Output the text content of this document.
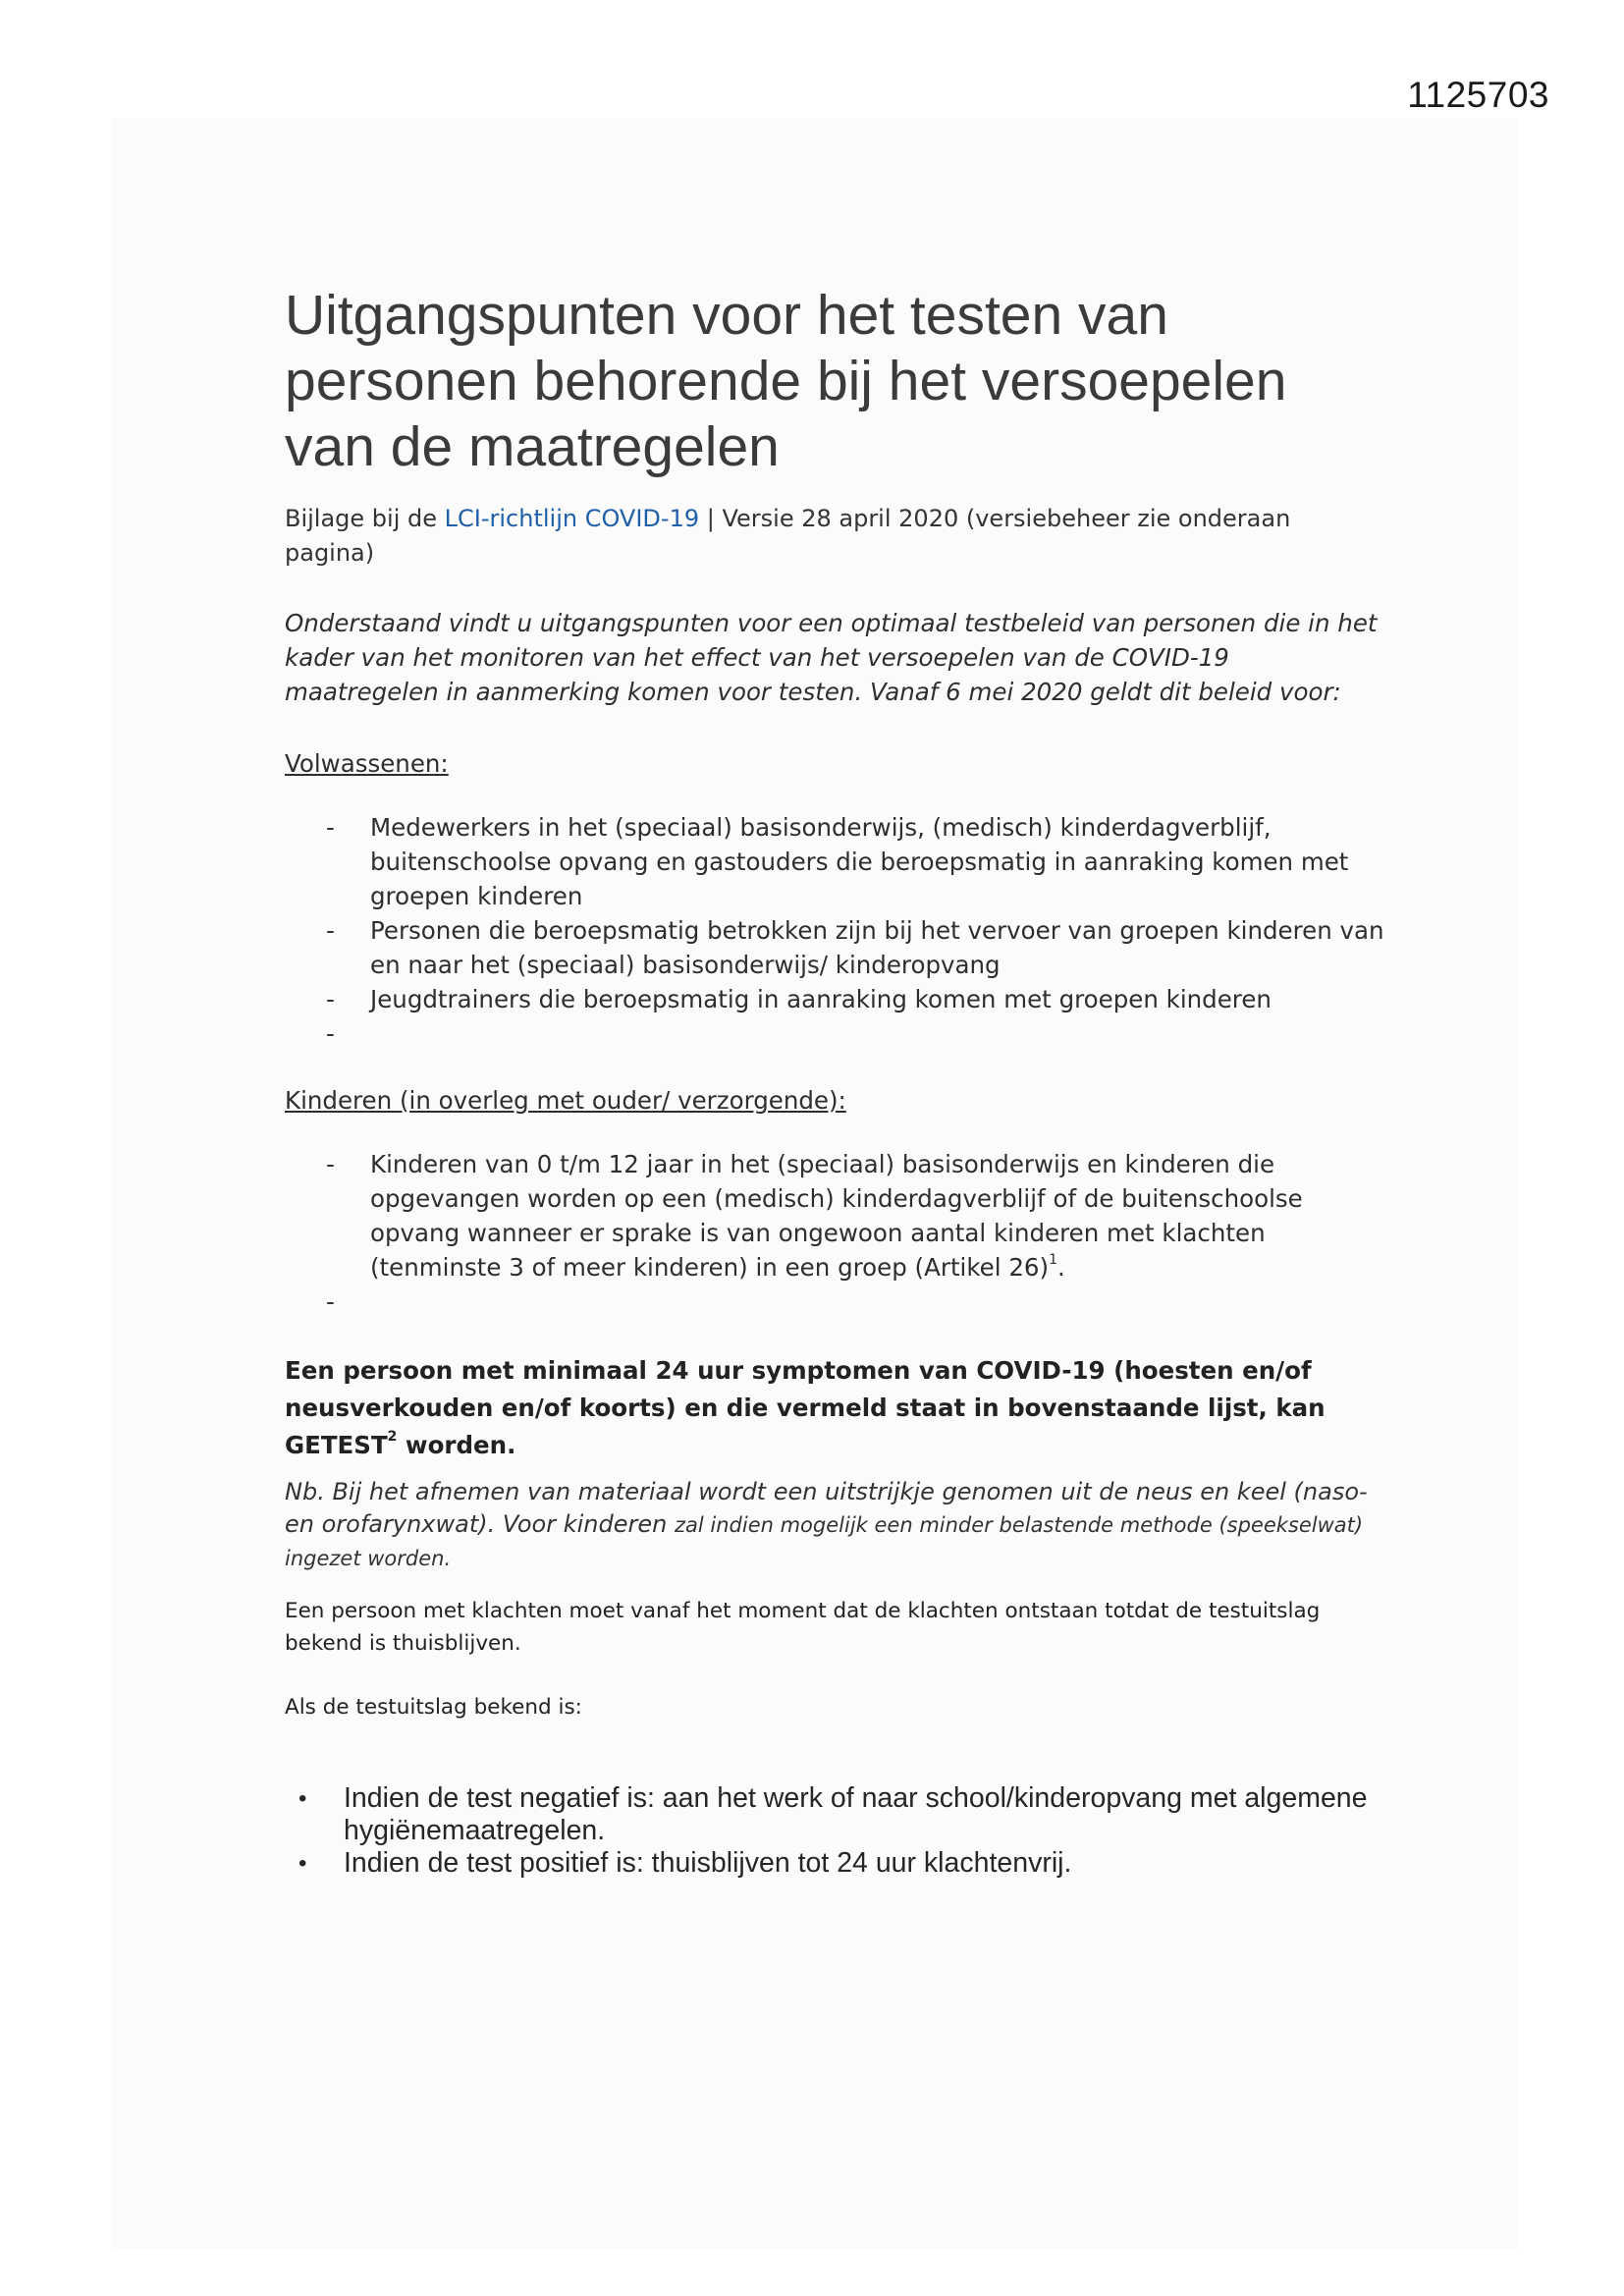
1125703
Uitgangspunten voor het testen van personen behorende bij het versoepelen van de maatregelen
Bijlage bij de LCI-richtlijn COVID-19 | Versie 28 april 2020 (versiebeheer zie onderaan pagina)
Onderstaand vindt u uitgangspunten voor een optimaal testbeleid van personen die in het kader van het monitoren van het effect van het versoepelen van de COVID-19 maatregelen in aanmerking komen voor testen. Vanaf 6 mei 2020 geldt dit beleid voor:
Volwassenen:
- Medewerkers in het (speciaal) basisonderwijs, (medisch) kinderdagverblijf, buitenschoolse opvang en gastouders die beroepsmatig in aanraking komen met groepen kinderen
- Personen die beroepsmatig betrokken zijn bij het vervoer van groepen kinderen van en naar het (speciaal) basisonderwijs/ kinderopvang
- Jeugdtrainers die beroepsmatig in aanraking komen met groepen kinderen
-
Kinderen (in overleg met ouder/ verzorgende):
- Kinderen van 0 t/m 12 jaar in het (speciaal) basisonderwijs en kinderen die opgevangen worden op een (medisch) kinderdagverblijf of de buitenschoolse opvang wanneer er sprake is van ongewoon aantal kinderen met klachten (tenminste 3 of meer kinderen) in een groep (Artikel 26)$^1$.
-
Een persoon met minimaal 24 uur symptomen van COVID-19 (hoesten en/of neusverkouden en/of koorts) en die vermeld staat in bovenstaande lijst, kan GETEST$^2$ worden.
Nb. Bij het afnemen van materiaal wordt een uitstrijkje genomen uit de neus en keel (naso-en orofarynxwat). Voor kinderen zal indien mogelijk een minder belastende methode (speekselwat) ingezet worden.
Een persoon met klachten moet vanaf het moment dat de klachten ontstaan totdat de testuitslag bekend is thuisblijven.
Als de testuitslag bekend is:
• Indien de test negatief is: aan het werk of naar school/kinderopvang met algemene hygiënemaatregelen.
• Indien de test positief is: thuisblijven tot 24 uur klachtenvrij.
